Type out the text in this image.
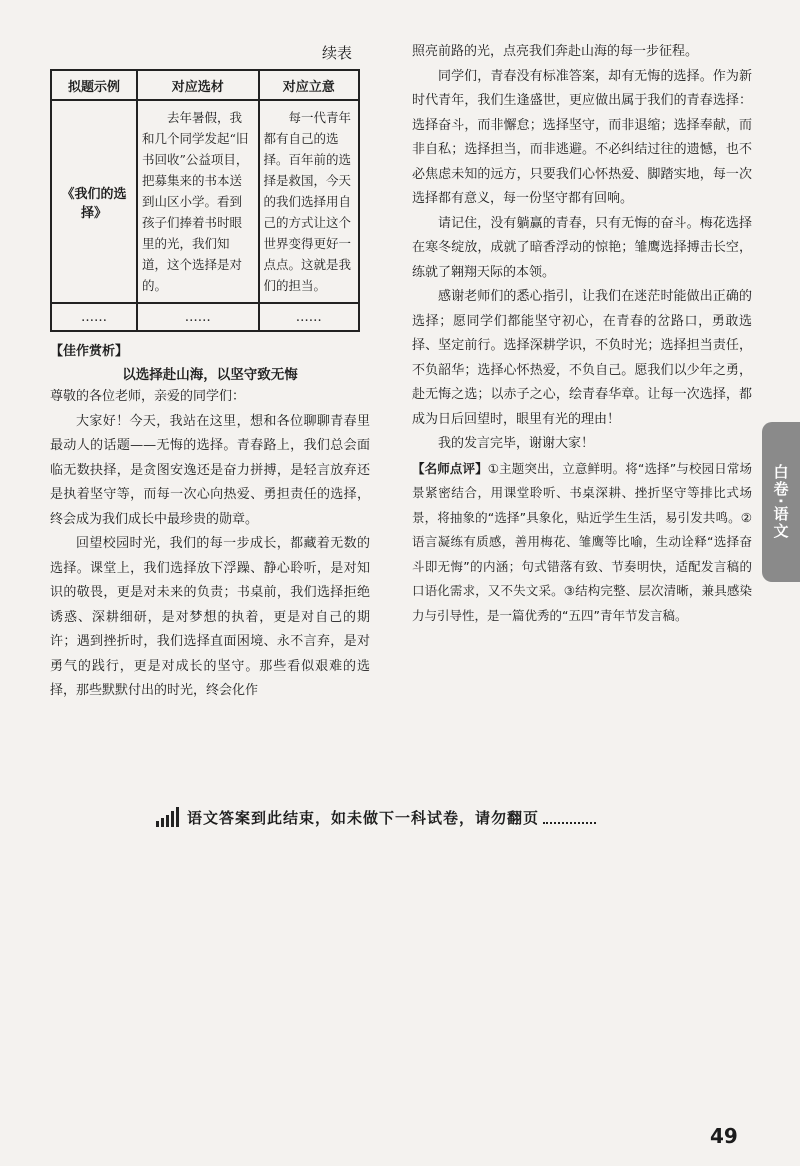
续表
拟题示例	对应选材	对应立意
《我们的选择》	去年暑假，我和几个同学发起“旧书回收”公益项目，把募集来的书本送到山区小学。看到孩子们捧着书时眼里的光，我们知道，这个选择是对的。	每一代青年都有自己的选择。百年前的选择是救国，今天的我们选择用自己的方式让这个世界变得更好一点点。这就是我们的担当。
……	……	……
【佳作赏析】
以选择赴山海，以坚守致无悔

尊敬的各位老师，亲爱的同学们：

大家好！今天，我站在这里，想和各位聊聊青春里最动人的话题——无悔的选择。青春路上，我们总会面临无数抉择，是贪图安逸还是奋力拼搏，是轻言放弃还是执着坚守等，而每一次心向热爱、勇担责任的选择，终会成为我们成长中最珍贵的勋章。

回望校园时光，我们的每一步成长，都藏着无数的选择。课堂上，我们选择放下浮躁、静心聆听，是对知识的敬畏，更是对未来的负责；书桌前，我们选择拒绝诱惑、深耕细研，是对梦想的执着，更是对自己的期许；遇到挫折时，我们选择直面困境、永不言弃，是对勇气的践行，更是对成长的坚守。那些看似艰难的选择，那些默默付出的时光，终会化作

照亮前路的光，点亮我们奔赴山海的每一步征程。

同学们，青春没有标准答案，却有无悔的选择。作为新时代青年，我们生逢盛世，更应做出属于我们的青春选择：选择奋斗，而非懈怠；选择坚守，而非退缩；选择奉献，而非自私；选择担当，而非逃避。不必纠结过往的遗憾，也不必焦虑未知的远方，只要我们心怀热爱、脚踏实地，每一次选择都有意义，每一份坚守都有回响。

请记住，没有躺赢的青春，只有无悔的奋斗。梅花选择在寒冬绽放，成就了暗香浮动的惊艳；雏鹰选择搏击长空，练就了翱翔天际的本领。

感谢老师们的悉心指引，让我们在迷茫时能做出正确的选择；愿同学们都能坚守初心，在青春的岔路口，勇敢选择、坚定前行。选择深耕学识，不负时光；选择担当责任，不负韶华；选择心怀热爱，不负自己。愿我们以少年之勇，赴无悔之选；以赤子之心，绘青春华章。让每一次选择，都成为日后回望时，眼里有光的理由！

我的发言完毕，谢谢大家！

【名师点评】①主题突出，立意鲜明。将“选择”与校园日常场景紧密结合，用课堂聆听、书桌深耕、挫折坚守等排比式场景，将抽象的“选择”具象化，贴近学生生活，易引发共鸣。②语言凝练有质感，善用梅花、雏鹰等比喻，生动诠释“选择奋斗即无悔”的内涵；句式错落有致、节奏明快，适配发言稿的口语化需求，又不失文采。③结构完整、层次清晰，兼具感染力与引导性，是一篇优秀的“五四”青年节发言稿。

语文答案到此结束，如未做下一科试卷，请勿翻页
白卷·语文
49
